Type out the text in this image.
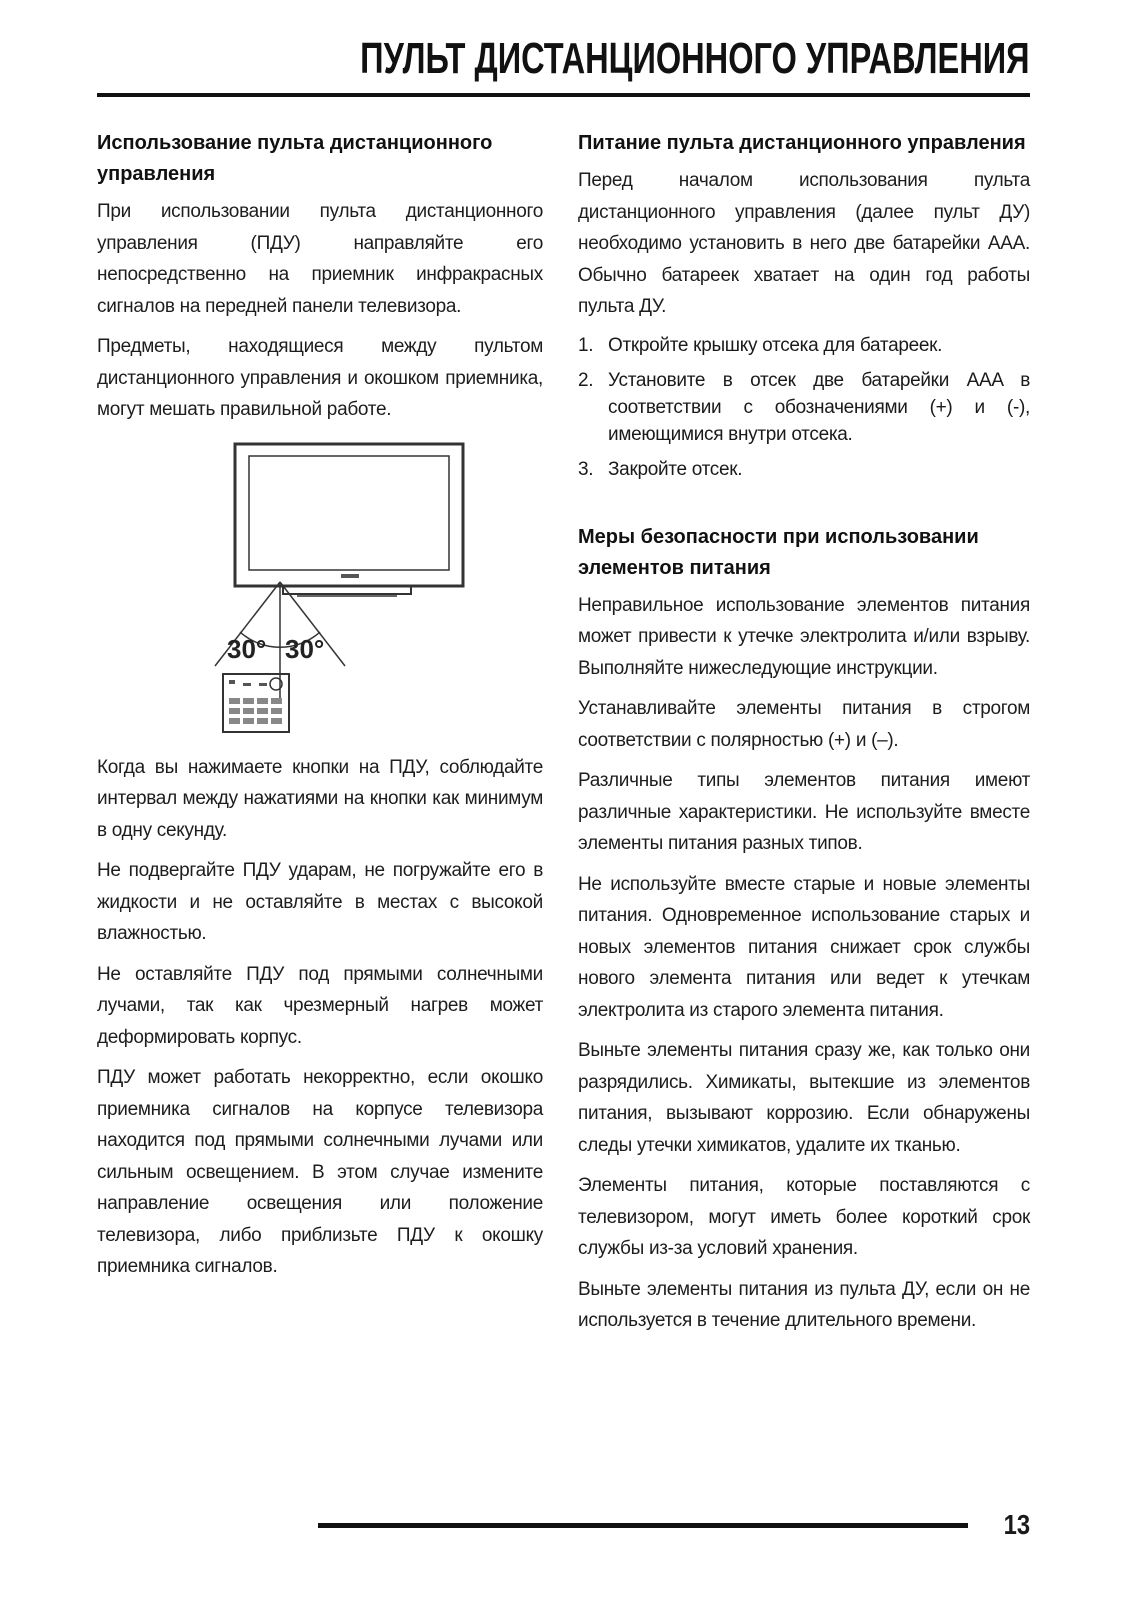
ПУЛЬТ ДИСТАНЦИОННОГО УПРАВЛЕНИЯ
Использование пульта дистанционного управления

При использовании пульта дистанционного управления (ПДУ) направляйте его непосредственно на приемник инфракрасных сигналов на передней панели телевизора.

Предметы, находящиеся между пультом дистанционного управления и окошком приемника, могут мешать правильной работе.

30° 30°

Когда вы нажимаете кнопки на ПДУ, соблюдайте интервал между нажатиями на кнопки как минимум в одну секунду.

Не подвергайте ПДУ ударам, не погружайте его в жидкости и не оставляйте в местах с высокой влажностью.

Не оставляйте ПДУ под прямыми солнечными лучами, так как чрезмерный нагрев может деформировать корпус.

ПДУ может работать некорректно, если окошко приемника сигналов на корпусе телевизора находится под прямыми солнечными лучами или сильным освещением. В этом случае измените направление освещения или положение телевизора, либо приблизьте ПДУ к окошку приемника сигналов.

Питание пульта дистанционного управления

Перед началом использования пульта дистанционного управления (далее пульт ДУ) необходимо установить в него две батарейки AAA. Обычно батареек хватает на один год работы пульта ДУ.

1. Откройте крышку отсека для батареек.
2. Установите в отсек две батарейки AAA в соответствии с обозначениями (+) и (-), имеющимися внутри отсека.
3. Закройте отсек.
Меры безопасности при использовании элементов питания

Неправильное использование элементов питания может привести к утечке электролита и/или взрыву. Выполняйте нижеследующие инструкции.

Устанавливайте элементы питания в строгом соответствии с полярностью (+) и (–).

Различные типы элементов питания имеют различные характеристики. Не используйте вместе элементы питания разных типов.

Не используйте вместе старые и новые элементы питания. Одновременное использование старых и новых элементов питания снижает срок службы нового элемента питания или ведет к утечкам электролита из старого элемента питания.

Выньте элементы питания сразу же, как только они разрядились. Химикаты, вытекшие из элементов питания, вызывают коррозию. Если обнаружены следы утечки химикатов, удалите их тканью.

Элементы питания, которые поставляются с телевизором, могут иметь более короткий срок службы из-за условий хранения.

Выньте элементы питания из пульта ДУ, если он не используется в течение длительного времени.

13
